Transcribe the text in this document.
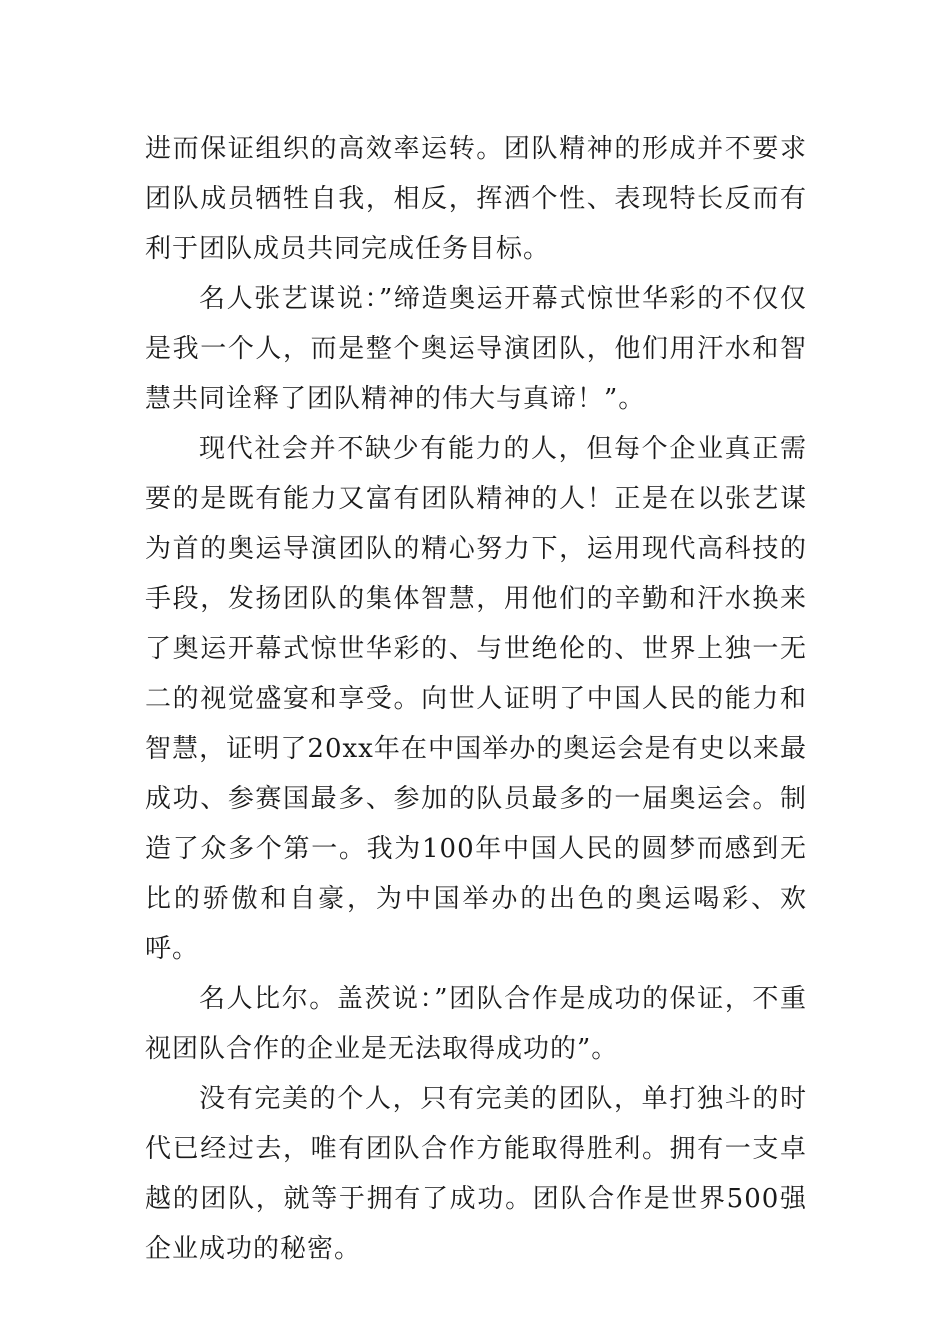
进而保证组织的高效率运转。团队精神的形成并不要求团队成员牺牲自我，相反，挥洒个性、表现特长反而有利于团队成员共同完成任务目标。

名人张艺谋说：”缔造奥运开幕式惊世华彩的不仅仅是我一个人，而是整个奥运导演团队，他们用汗水和智慧共同诠释了团队精神的伟大与真谛！”。

现代社会并不缺少有能力的人，但每个企业真正需要的是既有能力又富有团队精神的人！正是在以张艺谋为首的奥运导演团队的精心努力下，运用现代高科技的手段，发扬团队的集体智慧，用他们的辛勤和汗水换来了奥运开幕式惊世华彩的、与世绝伦的、世界上独一无二的视觉盛宴和享受。向世人证明了中国人民的能力和智慧，证明了20xx年在中国举办的奥运会是有史以来最成功、参赛国最多、参加的队员最多的一届奥运会。制造了众多个第一。我为100年中国人民的圆梦而感到无比的骄傲和自豪，为中国举办的出色的奥运喝彩、欢呼。

名人比尔。盖茨说：”团队合作是成功的保证，不重视团队合作的企业是无法取得成功的”。

没有完美的个人，只有完美的团队，单打独斗的时代已经过去，唯有团队合作方能取得胜利。拥有一支卓越的团队，就等于拥有了成功。团队合作是世界500强企业成功的秘密。
